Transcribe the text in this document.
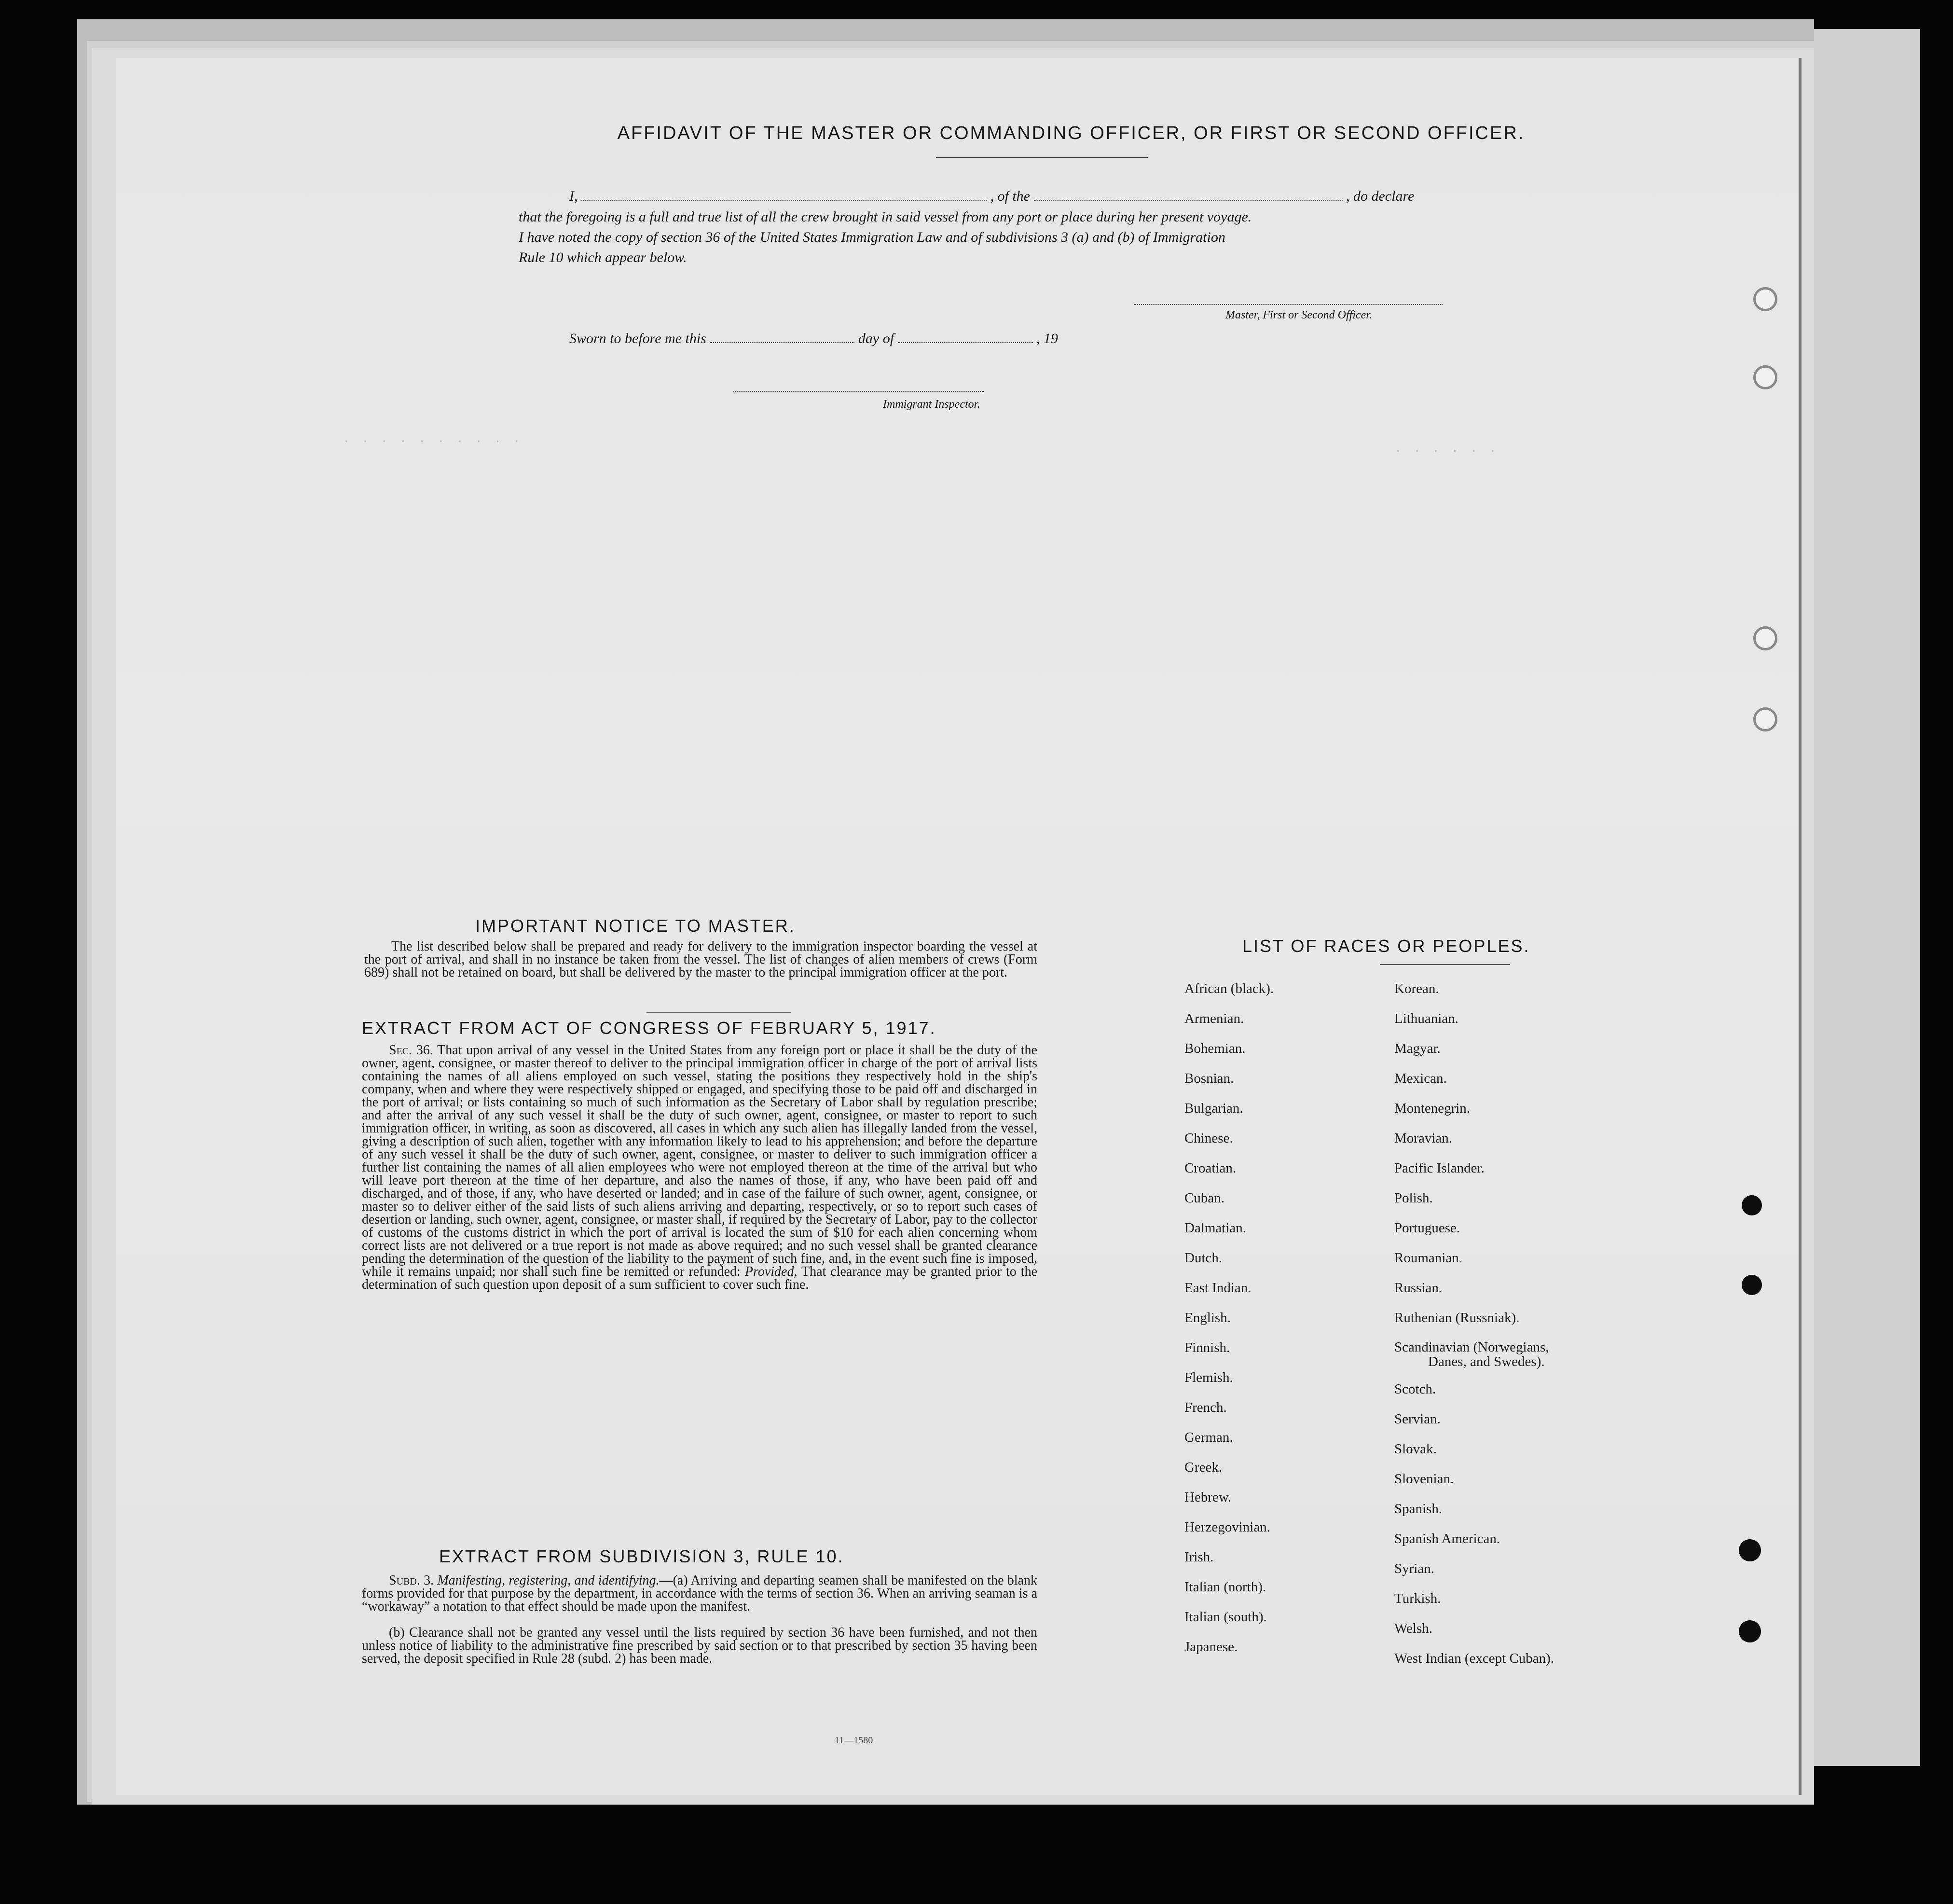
· · · · · · · · · ·
· · · · · ·
AFFIDAVIT OF THE MASTER OR COMMANDING OFFICER, OR FIRST OR SECOND OFFICER.
I,	, of the	, do declare
that the foregoing is a full and true list of all the crew brought in said vessel from any port or place during her present voyage.
I have noted the copy of section 36 of the United States Immigration Law and of subdivisions 3 (a) and (b) of Immigration
Rule 10 which appear below.
Master, First or Second Officer.
Sworn to before me this	day of	, 19
Immigrant Inspector.
IMPORTANT NOTICE TO MASTER.
The list described below shall be prepared and ready for delivery to the immigration inspector boarding the vessel at the port of arrival, and shall in no instance be taken from the vessel. The list of changes of alien members of crews (Form 689) shall not be retained on board, but shall be delivered by the master to the principal immigration officer at the port.
EXTRACT FROM ACT OF CONGRESS OF FEBRUARY 5, 1917.
Sec. 36. That upon arrival of any vessel in the United States from any foreign port or place it shall be the duty of the owner, agent, consignee, or master thereof to deliver to the principal immigration officer in charge of the port of arrival lists containing the names of all aliens employed on such vessel, stating the positions they respectively hold in the ship's company, when and where they were respectively shipped or engaged, and specifying those to be paid off and discharged in the port of arrival; or lists containing so much of such information as the Secretary of Labor shall by regulation prescribe; and after the arrival of any such vessel it shall be the duty of such owner, agent, consignee, or master to report to such immigration officer, in writing, as soon as discovered, all cases in which any such alien has illegally landed from the vessel, giving a description of such alien, together with any information likely to lead to his apprehension; and before the departure of any such vessel it shall be the duty of such owner, agent, consignee, or master to deliver to such immigration officer a further list containing the names of all alien employees who were not employed thereon at the time of the arrival but who will leave port thereon at the time of her departure, and also the names of those, if any, who have been paid off and discharged, and of those, if any, who have deserted or landed; and in case of the failure of such owner, agent, consignee, or master so to deliver either of the said lists of such aliens arriving and departing, respectively, or so to report such cases of desertion or landing, such owner, agent, consignee, or master shall, if required by the Secretary of Labor, pay to the collector of customs of the customs district in which the port of arrival is located the sum of $10 for each alien concerning whom correct lists are not delivered or a true report is not made as above required; and no such vessel shall be granted clearance pending the determination of the question of the liability to the payment of such fine, and, in the event such fine is imposed, while it remains unpaid; nor shall such fine be remitted or refunded: Provided, That clearance may be granted prior to the determination of such question upon deposit of a sum sufficient to cover such fine.
EXTRACT FROM SUBDIVISION 3, RULE 10.
Subd. 3. Manifesting, registering, and identifying.—(a) Arriving and departing seamen shall be manifested on the blank forms provided for that purpose by the department, in accordance with the terms of section 36. When an arriving seaman is a “workaway” a notation to that effect should be made upon the manifest.
(b) Clearance shall not be granted any vessel until the lists required by section 36 have been furnished, and not then unless notice of liability to the administrative fine prescribed by said section or to that prescribed by section 35 having been served, the deposit specified in Rule 28 (subd. 2) has been made.
11—1580
LIST OF RACES OR PEOPLES.
African (black).
Armenian.
Bohemian.
Bosnian.
Bulgarian.
Chinese.
Croatian.
Cuban.
Dalmatian.
Dutch.
East Indian.
English.
Finnish.
Flemish.
French.
German.
Greek.
Hebrew.
Herzegovinian.
Irish.
Italian (north).
Italian (south).
Japanese.
Korean.
Lithuanian.
Magyar.
Mexican.
Montenegrin.
Moravian.
Pacific Islander.
Polish.
Portuguese.
Roumanian.
Russian.
Ruthenian (Russniak).
Scandinavian (Norwegians,
Danes, and Swedes).
Scotch.
Servian.
Slovak.
Slovenian.
Spanish.
Spanish American.
Syrian.
Turkish.
Welsh.
West Indian (except Cuban).
